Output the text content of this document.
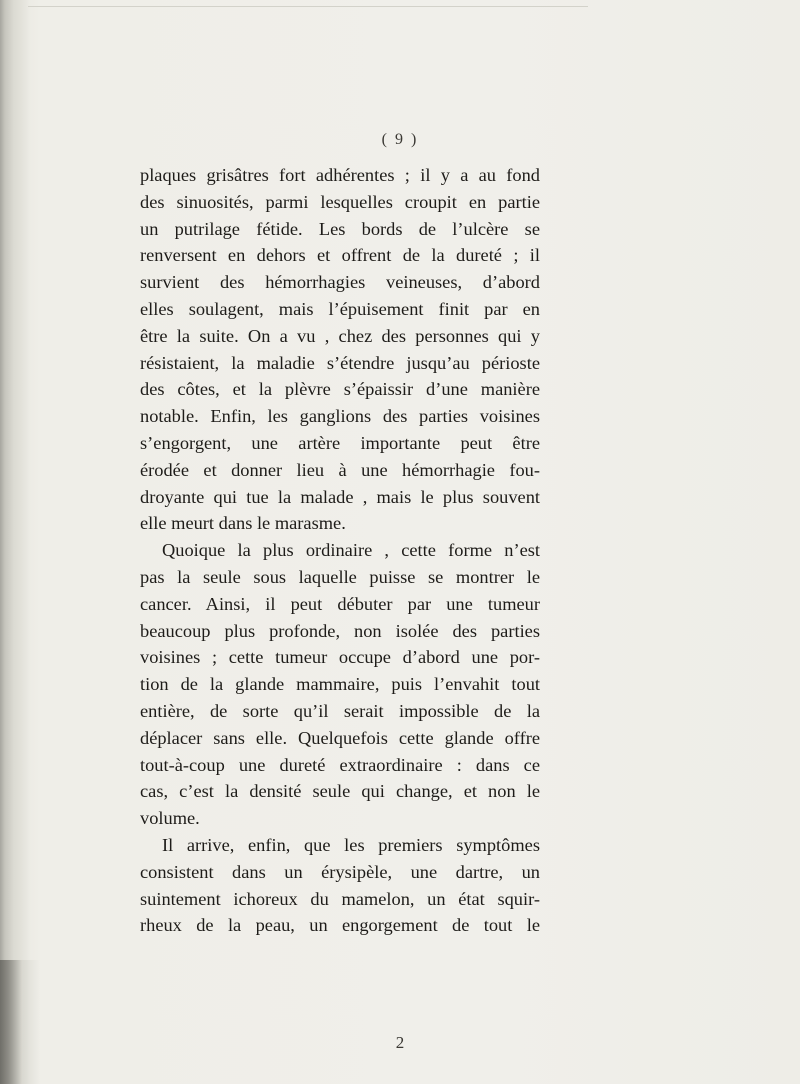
( 9 )
plaques grisâtres fort adhérentes ; il y a au fond
des sinuosités, parmi lesquelles croupit en partie
un putrilage fétide. Les bords de l’ulcère se
renversent en dehors et offrent de la dureté ; il
survient des hémorrhagies veineuses, d’abord
elles soulagent, mais l’épuisement finit par en
être la suite. On a vu , chez des personnes qui y
résistaient, la maladie s’étendre jusqu’au périoste
des côtes, et la plèvre s’épaissir d’une manière
notable. Enfin, les ganglions des parties voisines
s’engorgent, une artère importante peut être
érodée et donner lieu à une hémorrhagie fou-
droyante qui tue la malade , mais le plus souvent
elle meurt dans le marasme.
Quoique la plus ordinaire , cette forme n’est
pas la seule sous laquelle puisse se montrer le
cancer. Ainsi, il peut débuter par une tumeur
beaucoup plus profonde, non isolée des parties
voisines ; cette tumeur occupe d’abord une por-
tion de la glande mammaire, puis l’envahit tout
entière, de sorte qu’il serait impossible de la
déplacer sans elle. Quelquefois cette glande offre
tout-à-coup une dureté extraordinaire : dans ce
cas, c’est la densité seule qui change, et non le
volume.
Il arrive, enfin, que les premiers symptômes
consistent dans un érysipèle, une dartre, un
suintement ichoreux du mamelon, un état squir-
rheux de la peau, un engorgement de tout le
2
